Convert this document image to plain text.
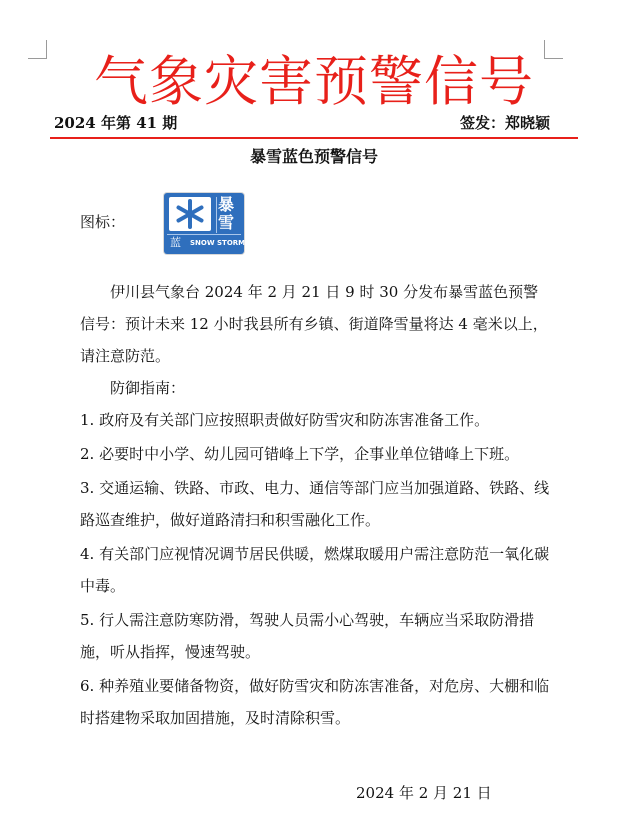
气象灾害预警信号
2024 年第 41 期	签发：郑晓颖
暴雪蓝色预警信号
图标：
暴
雪
蓝 SNOW STORM

伊川县气象台 2024 年 2 月 21 日 9 时 30 分发布暴雪蓝色预警信号：预计未来 12 小时我县所有乡镇、街道降雪量将达 4 毫米以上，请注意防范。

防御指南：

1. 政府及有关部门应按照职责做好防雪灾和防冻害准备工作。

2. 必要时中小学、幼儿园可错峰上下学，企事业单位错峰上下班。

3. 交通运输、铁路、市政、电力、通信等部门应当加强道路、铁路、线路巡查维护，做好道路清扫和积雪融化工作。

4. 有关部门应视情况调节居民供暖，燃煤取暖用户需注意防范一氧化碳中毒。

5. 行人需注意防寒防滑，驾驶人员需小心驾驶，车辆应当采取防滑措施，听从指挥，慢速驾驶。

6. 种养殖业要储备物资，做好防雪灾和防冻害准备，对危房、大棚和临时搭建物采取加固措施，及时清除积雪。

2024 年 2 月 21 日
